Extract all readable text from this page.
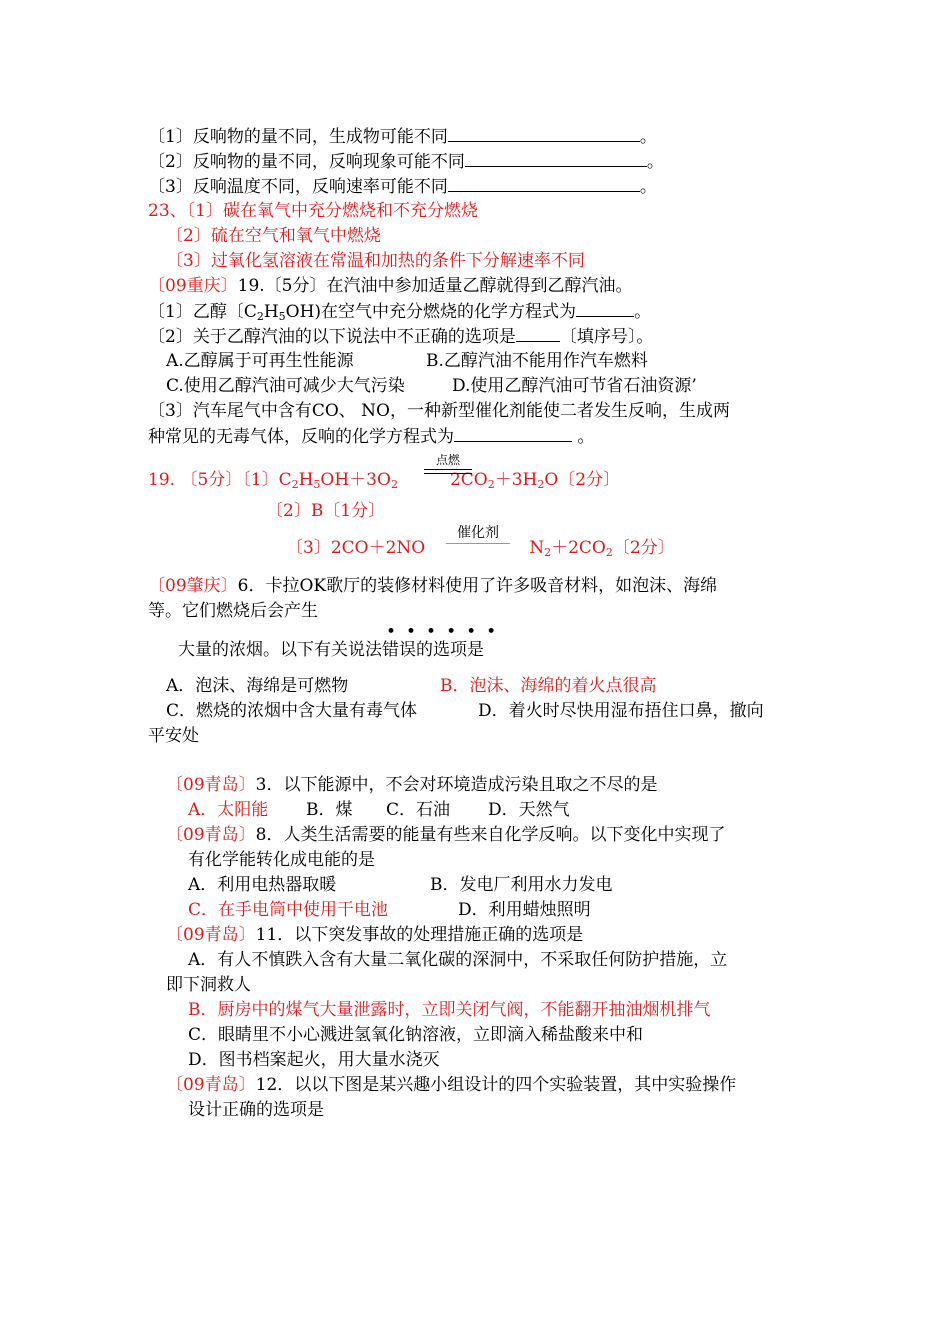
〔1〕反响物的量不同，生成物可能不同	。
〔2〕反响物的量不同，反响现象可能不同	。
〔3〕反响温度不同，反响速率可能不同	。
23、〔1〕碳在氧气中充分燃烧和不充分燃烧
〔2〕硫在空气和氧气中燃烧
〔3〕过氧化氢溶液在常温和加热的条件下分解速率不同
〔09重庆〕19.〔5分〕在汽油中参加适量乙醇就得到乙醇汽油。
〔1〕乙醇〔$C_2H_5OH$)在空气中充分燃烧的化学方程式为	。
〔2〕关于乙醇汽油的以下说法中不正确的选项是	〔填序号〕。
A.乙醇属于可再生性能源	B.乙醇汽油不能用作汽车燃料
C.使用乙醇汽油可减少大气污染	D.使用乙醇汽油可节省石油资源’
〔3〕汽车尾气中含有CO、 NO，一种新型催化剂能使二者发生反响，生成两
种常见的无毒气体，反响的化学方程式为	。
19. 〔5分〕〔1〕$C_2H_5OH+3O_2$	$2CO_2+3H_2O$〔2分〕
点燃
〔2〕B〔1分〕
〔3〕2CO＋2NO	$N_2+2CO_2$〔2分〕
催化剂
〔09肇庆〕6．卡拉OK歌厅的装修材料使用了许多吸音材料，如泡沫、海绵
等。它们燃烧后会产生
••••••
大量的浓烟。以下有关说法错误的选项是
A．泡沫、海绵是可燃物	B．泡沫、海绵的着火点很高
C．燃烧的浓烟中含大量有毒气体	D．着火时尽快用湿布捂住口鼻，撤向
平安处
〔09青岛〕3．以下能源中，不会对环境造成污染且取之不尽的是
A．太阳能 B．煤 C．石油 D．天然气
〔09青岛〕8．人类生活需要的能量有些来自化学反响。以下变化中实现了
有化学能转化成电能的是
A．利用电热器取暖	B．发电厂利用水力发电
C．在手电筒中使用干电池	D．利用蜡烛照明
〔09青岛〕11．以下突发事故的处理措施正确的选项是
A．有人不慎跌入含有大量二氧化碳的深洞中，不采取任何防护措施，立
即下洞救人
B．厨房中的煤气大量泄露时，立即关闭气阀，不能翻开抽油烟机排气
C．眼睛里不小心溅进氢氧化钠溶液，立即滴入稀盐酸来中和
D．图书档案起火，用大量水浇灭
〔09青岛〕12．以以下图是某兴趣小组设计的四个实验装置，其中实验操作
设计正确的选项是
